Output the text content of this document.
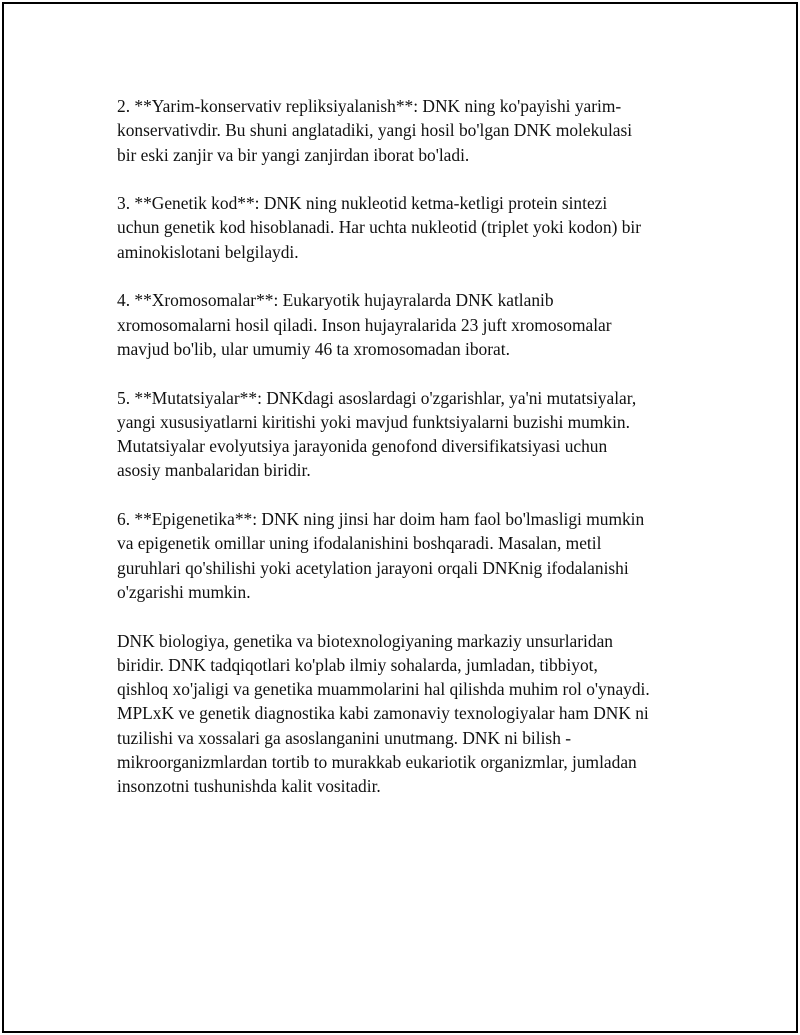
2. **Yarim-konservativ repliksiyalanish**: DNK ning ko'payishi yarim-
konservativdir. Bu shuni anglatadiki, yangi hosil bo'lgan DNK molekulasi
bir eski zanjir va bir yangi zanjirdan iborat bo'ladi.

3. **Genetik kod**: DNK ning nukleotid ketma-ketligi protein sintezi
uchun genetik kod hisoblanadi. Har uchta nukleotid (triplet yoki kodon) bir
aminokislotani belgilaydi.

4. **Xromosomalar**: Eukaryotik hujayralarda DNK katlanib
xromosomalarni hosil qiladi. Inson hujayralarida 23 juft xromosomalar
mavjud bo'lib, ular umumiy 46 ta xromosomadan iborat.

5. **Mutatsiyalar**: DNKdagi asoslardagi o'zgarishlar, ya'ni mutatsiyalar,
yangi xususiyatlarni kiritishi yoki mavjud funktsiyalarni buzishi mumkin.
Mutatsiyalar evolyutsiya jarayonida genofond diversifikatsiyasi uchun
asosiy manbalaridan biridir.

6. **Epigenetika**: DNK ning jinsi har doim ham faol bo'lmasligi mumkin
va epigenetik omillar uning ifodalanishini boshqaradi. Masalan, metil
guruhlari qo'shilishi yoki acetylation jarayoni orqali DNKnig ifodalanishi
o'zgarishi mumkin.

DNK biologiya, genetika va biotexnologiyaning markaziy unsurlaridan
biridir. DNK tadqiqotlari ko'plab ilmiy sohalarda, jumladan, tibbiyot,
qishloq xo'jaligi va genetika muammolarini hal qilishda muhim rol o'ynaydi.
MPLxK ve genetik diagnostika kabi zamonaviy texnologiyalar ham DNK ni
tuzilishi va xossalari ga asoslanganini unutmang. DNK ni bilish -
mikroorganizmlardan tortib to murakkab eukariotik organizmlar, jumladan
insonzotni tushunishda kalit vositadir.
